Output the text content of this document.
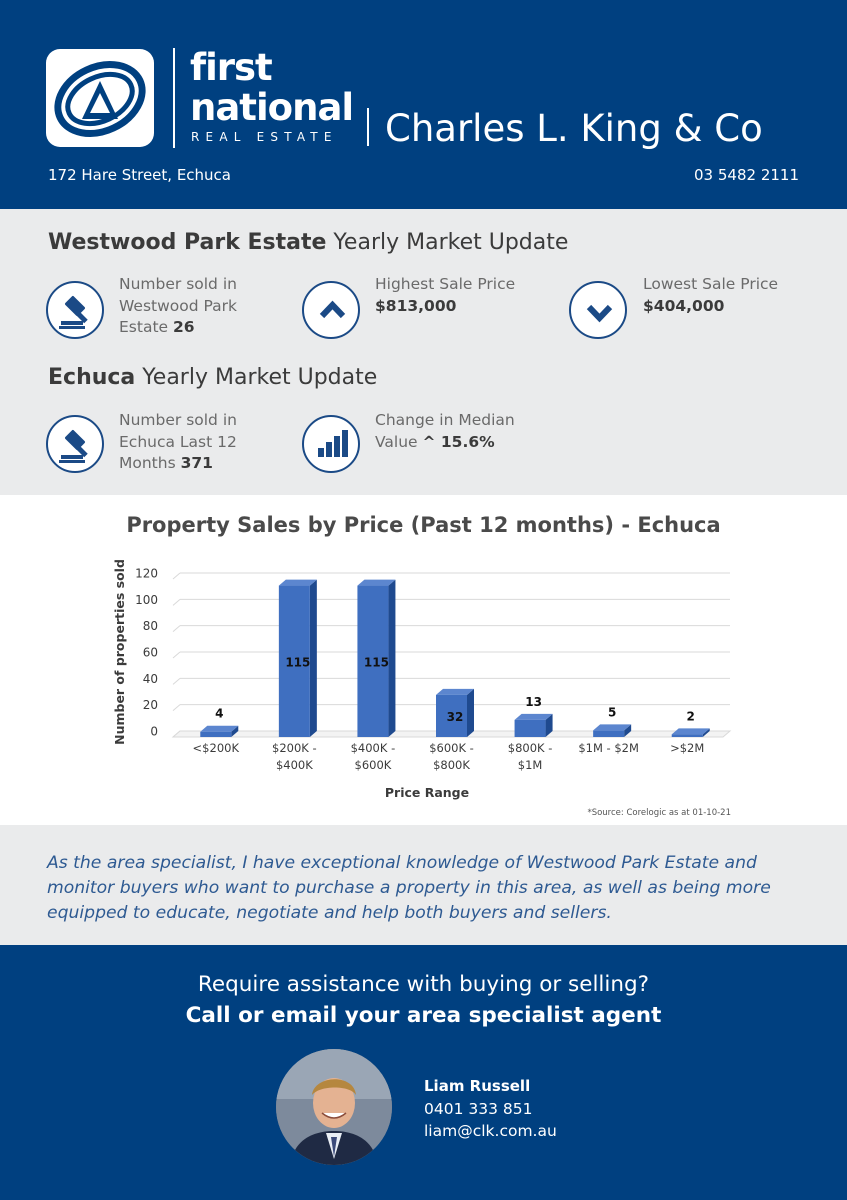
first
national
REAL ESTATE Charles L. King & Co
172 Hare Street, Echuca	03 5482 2111
Westwood Park Estate Yearly Market Update
Number sold in
Westwood Park
Estate 26
Highest Sale Price
$813,000
Lowest Sale Price
$404,000
Echuca Yearly Market Update
Number sold in
Echuca Last 12
Months 371
Change in Median
Value ^ 15.6%
Property Sales by Price (Past 12 months) - Echuca
0
20
40
60
80
100
120
4
<$200K
115
$200K -
$400K
115
$400K -
$600K
32
$600K -
$800K
13
$800K -
$1M
5
$1M - $2M
2
>$2M
Price Range
Number of properties sold
*Source: Corelogic as at 01-10-21
As the area specialist, I have exceptional knowledge of Westwood Park Estate and monitor buyers who want to purchase a property in this area, as well as being more equipped to educate, negotiate and help both buyers and sellers.
Require assistance with buying or selling?
Call or email your area specialist agent
Liam Russell
0401 333 851
liam@clk.com.au
